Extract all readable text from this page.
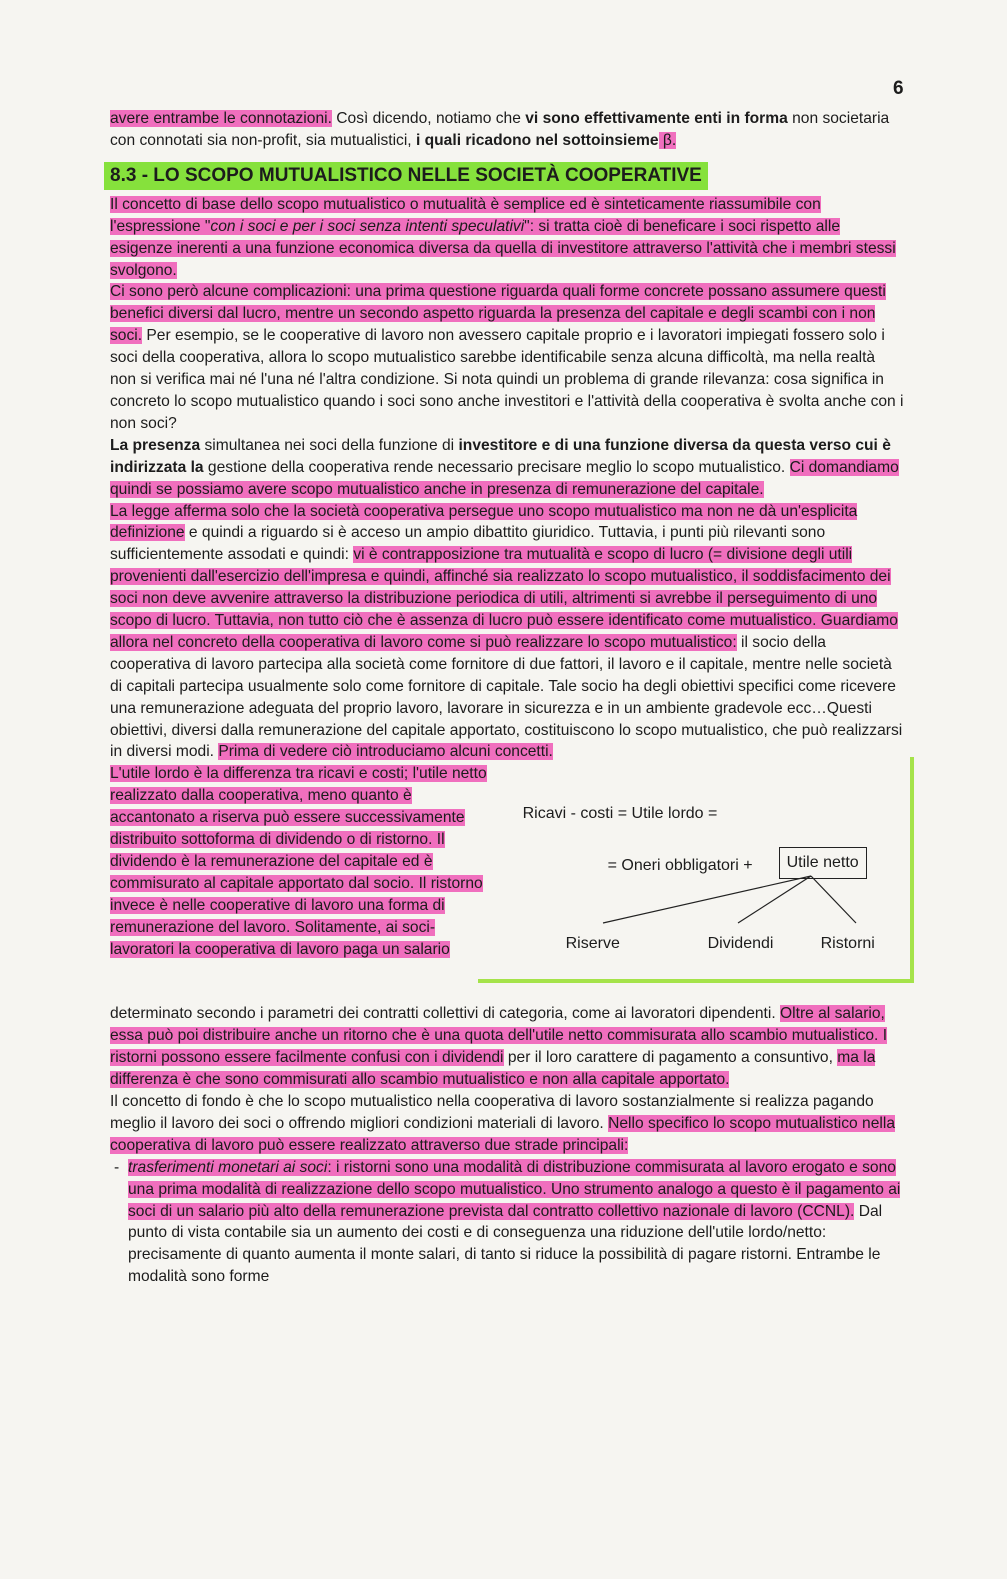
6

avere entrambe le connotazioni. Così dicendo, notiamo che vi sono effettivamente enti in forma non societaria con connotati sia non-profit, sia mutualistici, i quali ricadono nel sottoinsieme β.

8.3 - LO SCOPO MUTUALISTICO NELLE SOCIETÀ COOPERATIVE

Il concetto di base dello scopo mutualistico o mutualità è semplice ed è sinteticamente riassumibile con l'espressione "con i soci e per i soci senza intenti speculativi": si tratta cioè di beneficare i soci rispetto alle esigenze inerenti a una funzione economica diversa da quella di investitore attraverso l'attività che i membri stessi svolgono.

Ci sono però alcune complicazioni: una prima questione riguarda quali forme concrete possano assumere questi benefici diversi dal lucro, mentre un secondo aspetto riguarda la presenza del capitale e degli scambi con i non soci. Per esempio, se le cooperative di lavoro non avessero capitale proprio e i lavoratori impiegati fossero solo i soci della cooperativa, allora lo scopo mutualistico sarebbe identificabile senza alcuna difficoltà, ma nella realtà non si verifica mai né l'una né l'altra condizione. Si nota quindi un problema di grande rilevanza: cosa significa in concreto lo scopo mutualistico quando i soci sono anche investitori e l'attività della cooperativa è svolta anche con i non soci?

La presenza simultanea nei soci della funzione di investitore e di una funzione diversa da questa verso cui è indirizzata la gestione della cooperativa rende necessario precisare meglio lo scopo mutualistico. Ci domandiamo quindi se possiamo avere scopo mutualistico anche in presenza di remunerazione del capitale.

La legge afferma solo che la società cooperativa persegue uno scopo mutualistico ma non ne dà un'esplicita definizione e quindi a riguardo si è acceso un ampio dibattito giuridico. Tuttavia, i punti più rilevanti sono sufficientemente assodati e quindi: vi è contrapposizione tra mutualità e scopo di lucro (= divisione degli utili provenienti dall'esercizio dell'impresa e quindi, affinché sia realizzato lo scopo mutualistico, il soddisfacimento dei soci non deve avvenire attraverso la distribuzione periodica di utili, altrimenti si avrebbe il perseguimento di uno scopo di lucro. Tuttavia, non tutto ciò che è assenza di lucro può essere identificato come mutualistico. Guardiamo allora nel concreto della cooperativa di lavoro come si può realizzare lo scopo mutualistico: il socio della cooperativa di lavoro partecipa alla società come fornitore di due fattori, il lavoro e il capitale, mentre nelle società di capitali partecipa usualmente solo come fornitore di capitale. Tale socio ha degli obiettivi specifici come ricevere una remunerazione adeguata del proprio lavoro, lavorare in sicurezza e in un ambiente gradevole ecc…Questi obiettivi, diversi dalla remunerazione del capitale apportato, costituiscono lo scopo mutualistico, che può realizzarsi in diversi modi. Prima di vedere ciò introduciamo alcuni concetti.

L'utile lordo è la differenza tra ricavi e costi; l'utile netto realizzato dalla cooperativa, meno quanto è accantonato a riserva può essere successivamente distribuito sottoforma di dividendo o di ristorno. Il dividendo è la remunerazione del capitale ed è commisurato al capitale apportato dal socio. Il ristorno invece è nelle cooperative di lavoro una forma di remunerazione del lavoro. Solitamente, ai soci-lavoratori la cooperativa di lavoro paga un salario
Ricavi - costi = Utile lordo =
= Oneri obbligatori +	Utile netto
Riserve	Dividendi	Ristorni

determinato secondo i parametri dei contratti collettivi di categoria, come ai lavoratori dipendenti. Oltre al salario, essa può poi distribuire anche un ritorno che è una quota dell'utile netto commisurata allo scambio mutualistico. I ristorni possono essere facilmente confusi con i dividendi per il loro carattere di pagamento a consuntivo, ma la differenza è che sono commisurati allo scambio mutualistico e non alla capitale apportato.

Il concetto di fondo è che lo scopo mutualistico nella cooperativa di lavoro sostanzialmente si realizza pagando meglio il lavoro dei soci o offrendo migliori condizioni materiali di lavoro. Nello specifico lo scopo mutualistico nella cooperativa di lavoro può essere realizzato attraverso due strade principali:

- trasferimenti monetari ai soci: i ristorni sono una modalità di distribuzione commisurata al lavoro erogato e sono una prima modalità di realizzazione dello scopo mutualistico. Uno strumento analogo a questo è il pagamento ai soci di un salario più alto della remunerazione prevista dal contratto collettivo nazionale di lavoro (CCNL). Dal punto di vista contabile sia un aumento dei costi e di conseguenza una riduzione dell'utile lordo/netto: precisamente di quanto aumenta il monte salari, di tanto si riduce la possibilità di pagare ristorni. Entrambe le modalità sono forme
